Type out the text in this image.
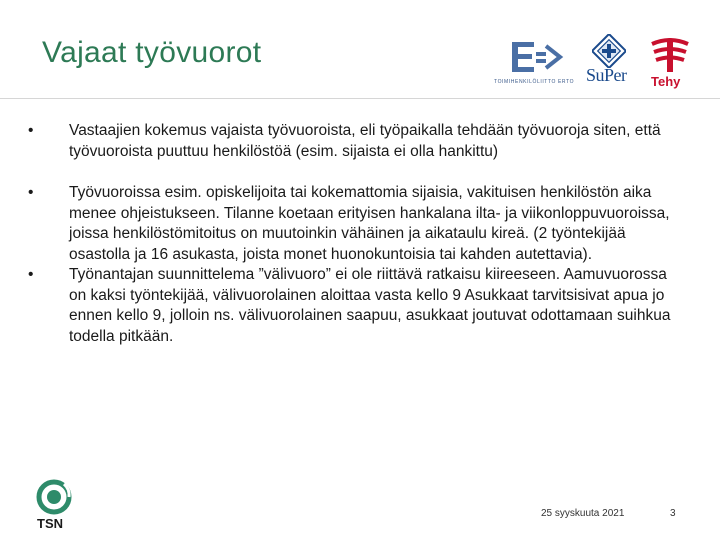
Vajaat työvuorot
TOIMIHENKILÖLIITTO ERTO SuPer Tehy
•	Vastaajien kokemus vajaista työvuoroista, eli työpaikalla tehdään työvuoroja siten, että työvuoroista puuttuu henkilöstöä (esim. sijaista ei olla hankittu)
•	Työvuoroissa esim. opiskelijoita tai kokemattomia sijaisia, vakituisen henkilöstön aika menee ohjeistukseen. Tilanne koetaan erityisen hankalana ilta- ja viikonloppuvuoroissa, joissa henkilöstömitoitus on muutoinkin vähäinen ja aikataulu kireä. (2 työntekijää osastolla ja 16 asukasta, joista monet huonokuntoisia tai kahden autettavia).
•	Työnantajan suunnittelema ”välivuoro” ei ole riittävä ratkaisu kiireeseen. Aamuvuorossa on kaksi työntekijää, välivuorolainen aloittaa vasta kello 9 Asukkaat tarvitsisivat apua jo ennen kello 9, jolloin ns. välivuorolainen saapuu, asukkaat joutuvat odottamaan suihkua todella pitkään.
TSN
25 syyskuuta 2021	3
